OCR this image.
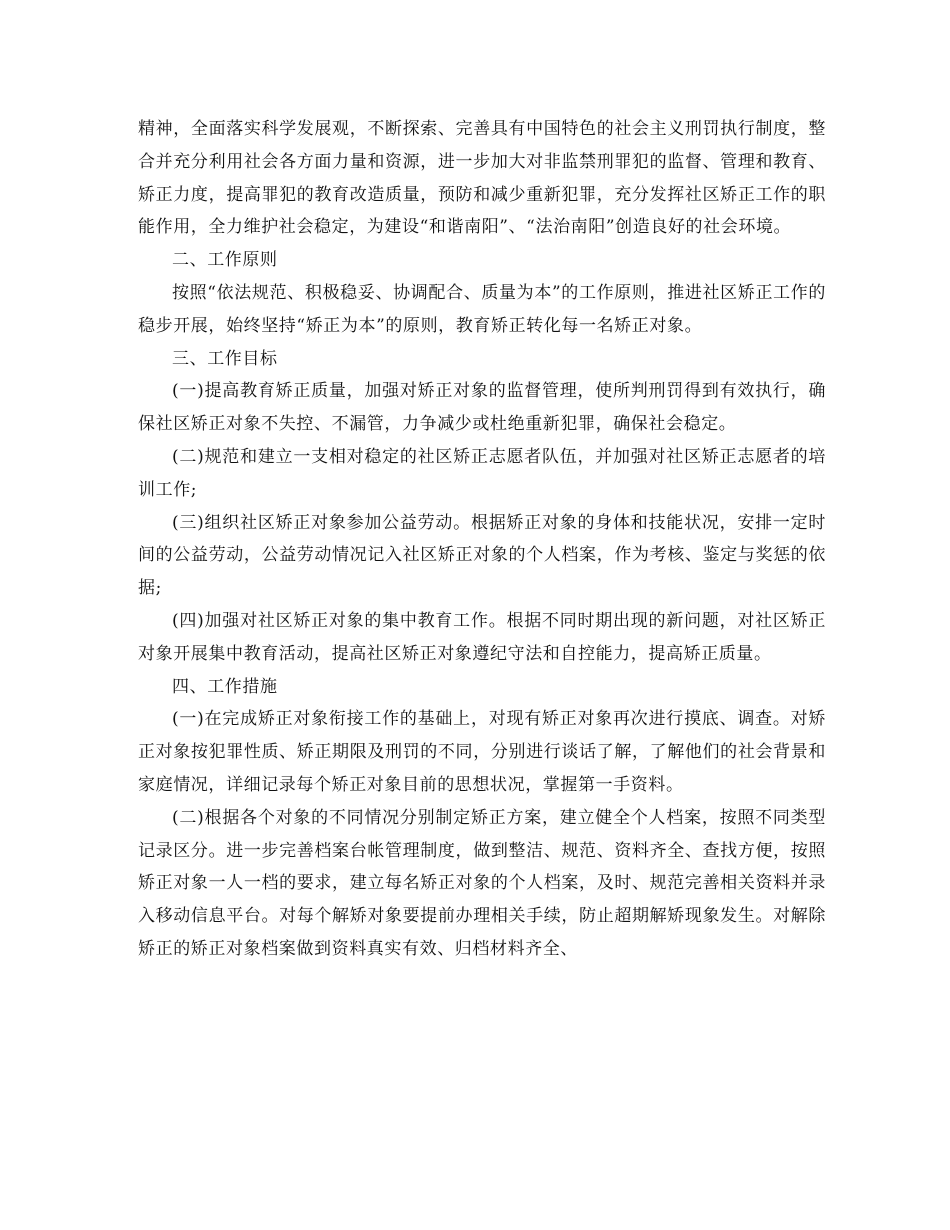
精神，全面落实科学发展观，不断探索、完善具有中国特色的社会主义刑罚执行制度，整合并充分利用社会各方面力量和资源，进一步加大对非监禁刑罪犯的监督、管理和教育、矫正力度，提高罪犯的教育改造质量，预防和减少重新犯罪，充分发挥社区矫正工作的职能作用，全力维护社会稳定，为建设“和谐南阳”、“法治南阳”创造良好的社会环境。

二、工作原则

按照“依法规范、积极稳妥、协调配合、质量为本”的工作原则，推进社区矫正工作的稳步开展，始终坚持“矫正为本”的原则，教育矫正转化每一名矫正对象。

三、工作目标

(一)提高教育矫正质量，加强对矫正对象的监督管理，使所判刑罚得到有效执行，确保社区矫正对象不失控、不漏管，力争减少或杜绝重新犯罪，确保社会稳定。

(二)规范和建立一支相对稳定的社区矫正志愿者队伍，并加强对社区矫正志愿者的培训工作;

(三)组织社区矫正对象参加公益劳动。根据矫正对象的身体和技能状况，安排一定时间的公益劳动，公益劳动情况记入社区矫正对象的个人档案，作为考核、鉴定与奖惩的依据;

(四)加强对社区矫正对象的集中教育工作。根据不同时期出现的新问题，对社区矫正对象开展集中教育活动，提高社区矫正对象遵纪守法和自控能力，提高矫正质量。

四、工作措施

(一)在完成矫正对象衔接工作的基础上，对现有矫正对象再次进行摸底、调查。对矫正对象按犯罪性质、矫正期限及刑罚的不同，分别进行谈话了解，了解他们的社会背景和家庭情况，详细记录每个矫正对象目前的思想状况，掌握第一手资料。

(二)根据各个对象的不同情况分别制定矫正方案，建立健全个人档案，按照不同类型记录区分。进一步完善档案台帐管理制度，做到整洁、规范、资料齐全、查找方便，按照矫正对象一人一档的要求，建立每名矫正对象的个人档案，及时、规范完善相关资料并录入移动信息平台。对每个解矫对象要提前办理相关手续，防止超期解矫现象发生。对解除矫正的矫正对象档案做到资料真实有效、归档材料齐全、
